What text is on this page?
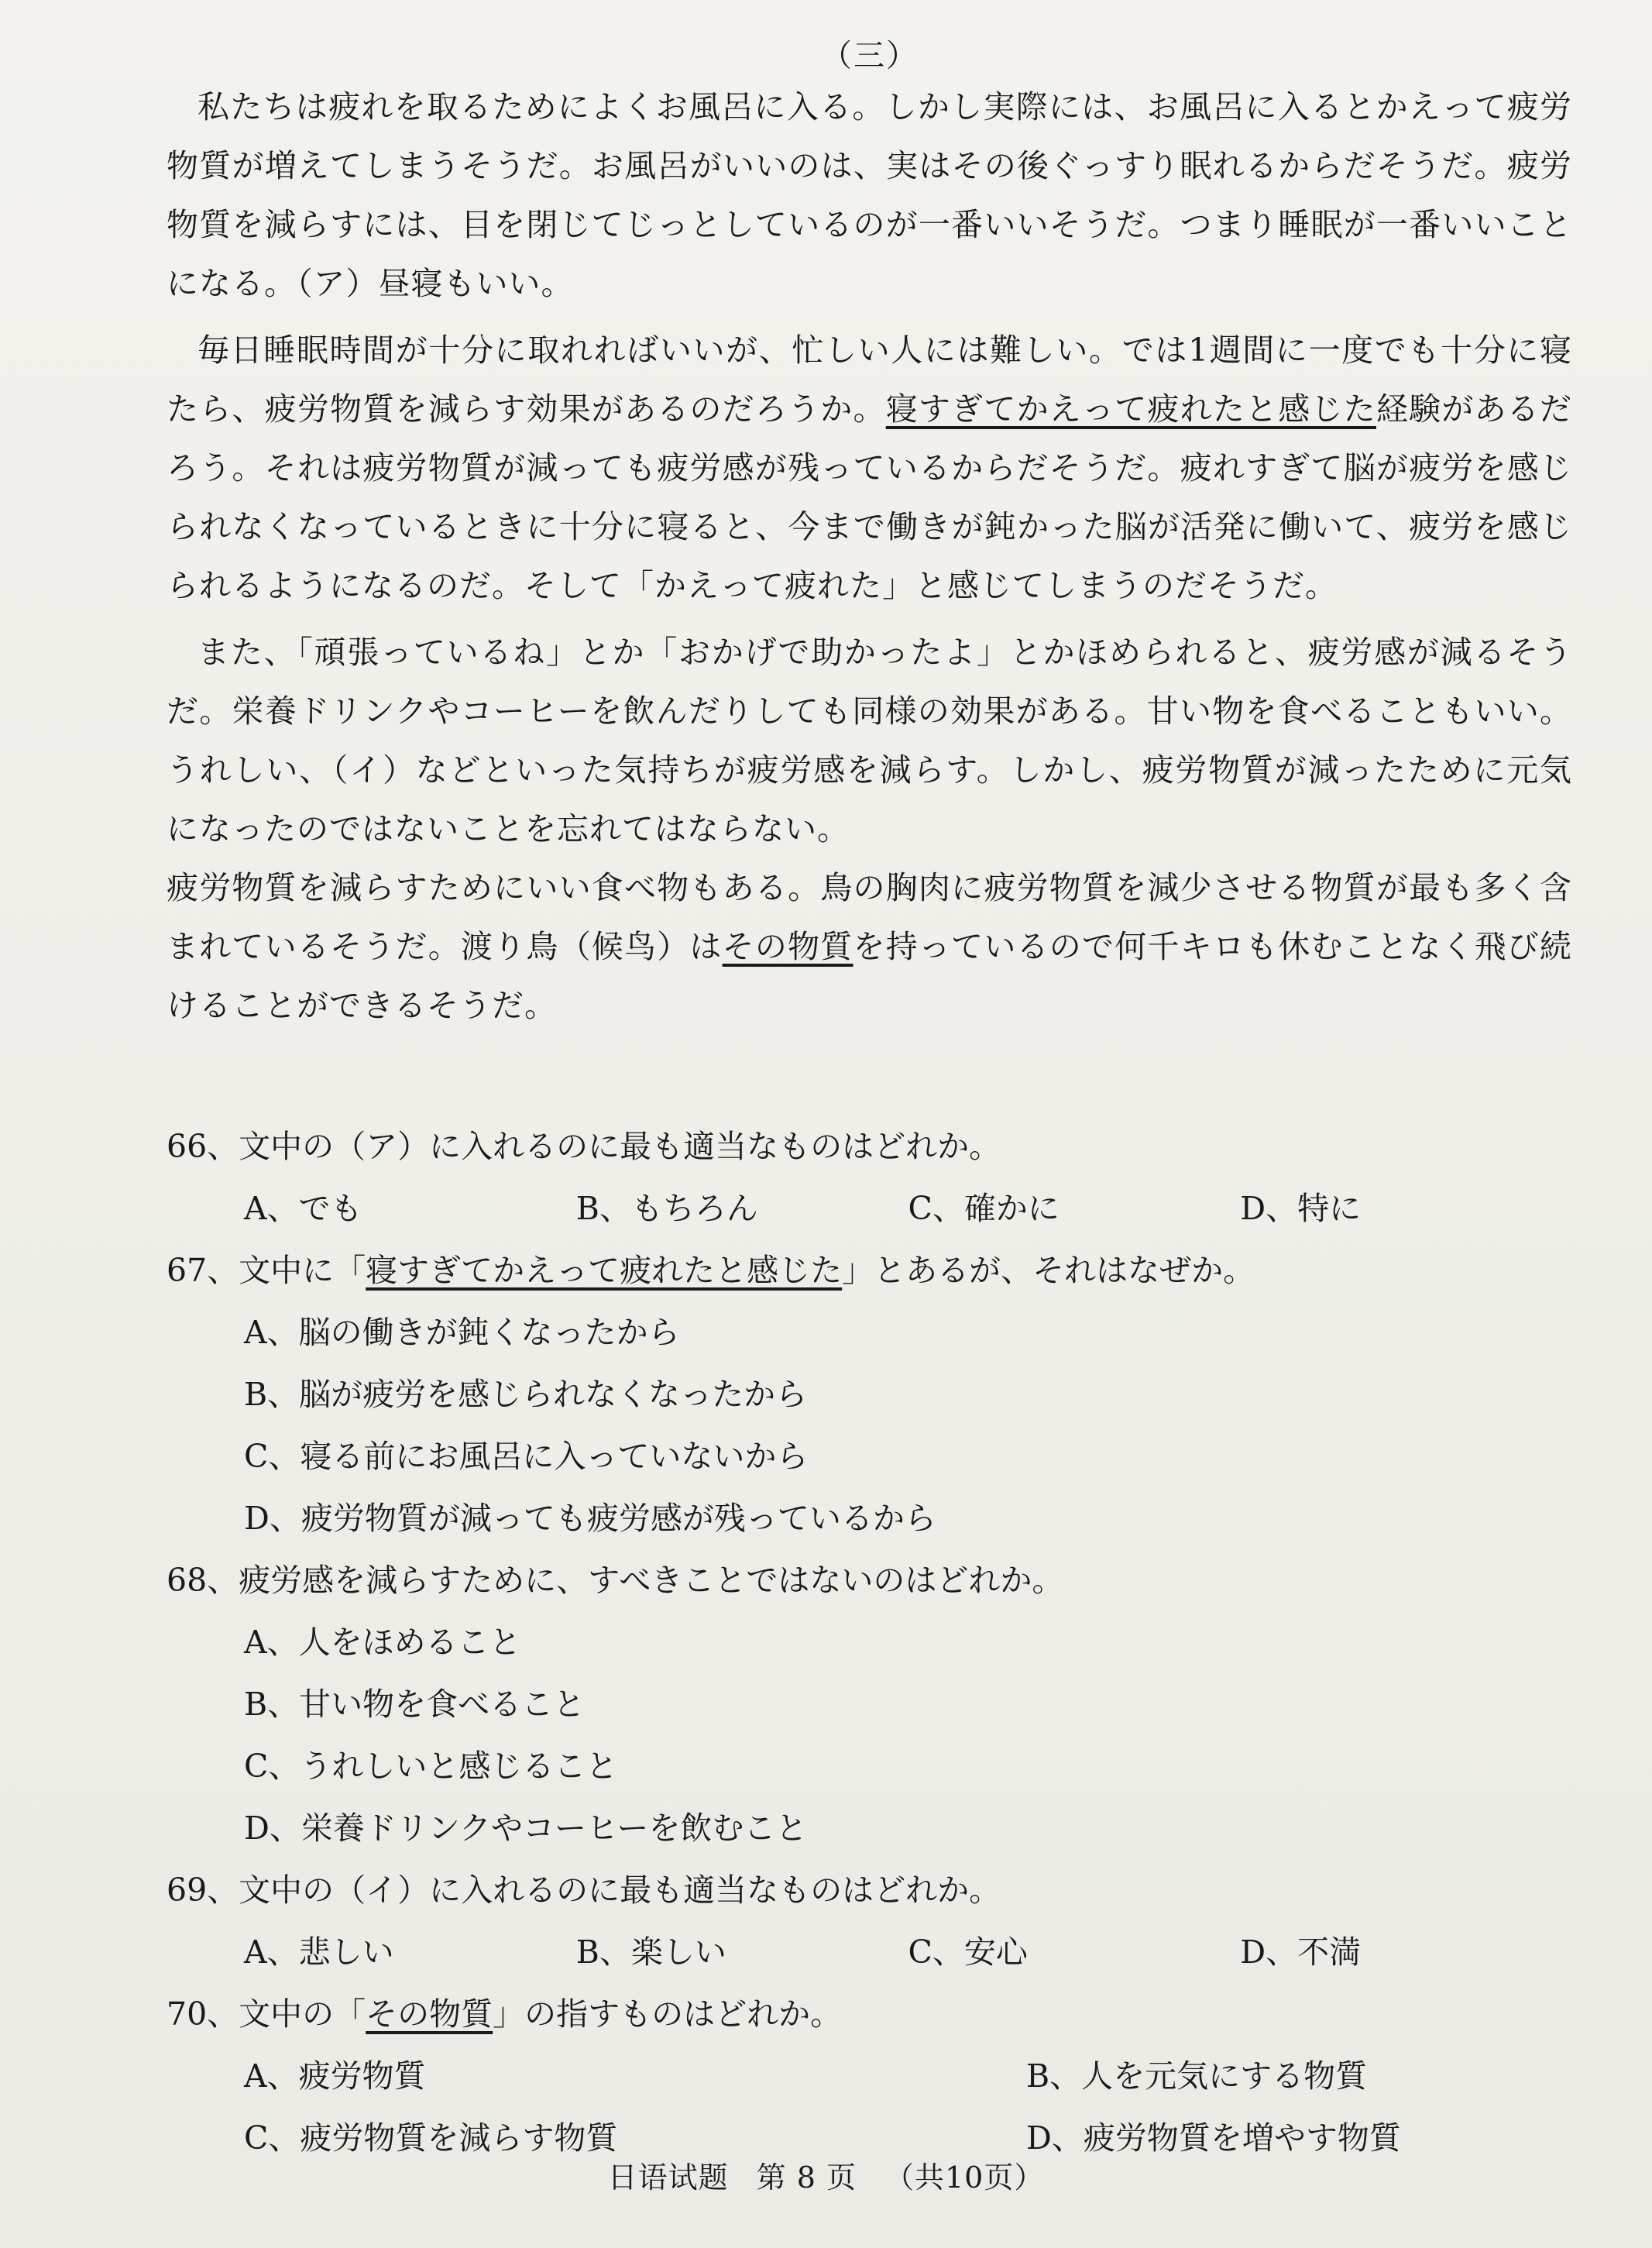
（三）

私たちは疲れを取るためによくお風呂に入る。しかし実際には、お風呂に入るとかえって疲労物質が増えてしまうそうだ。お風呂がいいのは、実はその後ぐっすり眠れるからだそうだ。疲労物質を減らすには、目を閉じてじっとしているのが一番いいそうだ。つまり睡眠が一番いいことになる。（ア）昼寝もいい。

毎日睡眠時間が十分に取れればいいが、忙しい人には難しい。では1週間に一度でも十分に寝たら、疲労物質を減らす効果があるのだろうか。寝すぎてかえって疲れたと感じた経験があるだろう。それは疲労物質が減っても疲労感が残っているからだそうだ。疲れすぎて脳が疲労を感じられなくなっているときに十分に寝ると、今まで働きが鈍かった脳が活発に働いて、疲労を感じられるようになるのだ。そして「かえって疲れた」と感じてしまうのだそうだ。

また、「頑張っているね」とか「おかげで助かったよ」とかほめられると、疲労感が減るそうだ。栄養ドリンクやコーヒーを飲んだりしても同様の効果がある。甘い物を食べることもいい。うれしい、（イ）などといった気持ちが疲労感を減らす。しかし、疲労物質が減ったために元気になったのではないことを忘れてはならない。

疲労物質を減らすためにいい食べ物もある。鳥の胸肉に疲労物質を減少させる物質が最も多く含まれているそうだ。渡り鳥（候鸟）はその物質を持っているので何千キロも休むことなく飛び続けることができるそうだ。

66、文中の（ア）に入れるのに最も適当なものはどれか。

A、でも	B、もちろん	C、確かに	D、特に

67、文中に「寝すぎてかえって疲れたと感じた」とあるが、それはなぜか。

A、脳の働きが鈍くなったから
B、脳が疲労を感じられなくなったから
C、寝る前にお風呂に入っていないから
D、疲労物質が減っても疲労感が残っているから

68、疲労感を減らすために、すべきことではないのはどれか。

A、人をほめること
B、甘い物を食べること
C、うれしいと感じること
D、栄養ドリンクやコーヒーを飲むこと

69、文中の（イ）に入れるのに最も適当なものはどれか。

A、悲しい	B、楽しい	C、安心	D、不満

70、文中の「その物質」の指すものはどれか。

A、疲労物質	B、人を元気にする物質
C、疲労物質を減らす物質	D、疲労物質を増やす物質
日语试题 第 8 页 （共10页）
